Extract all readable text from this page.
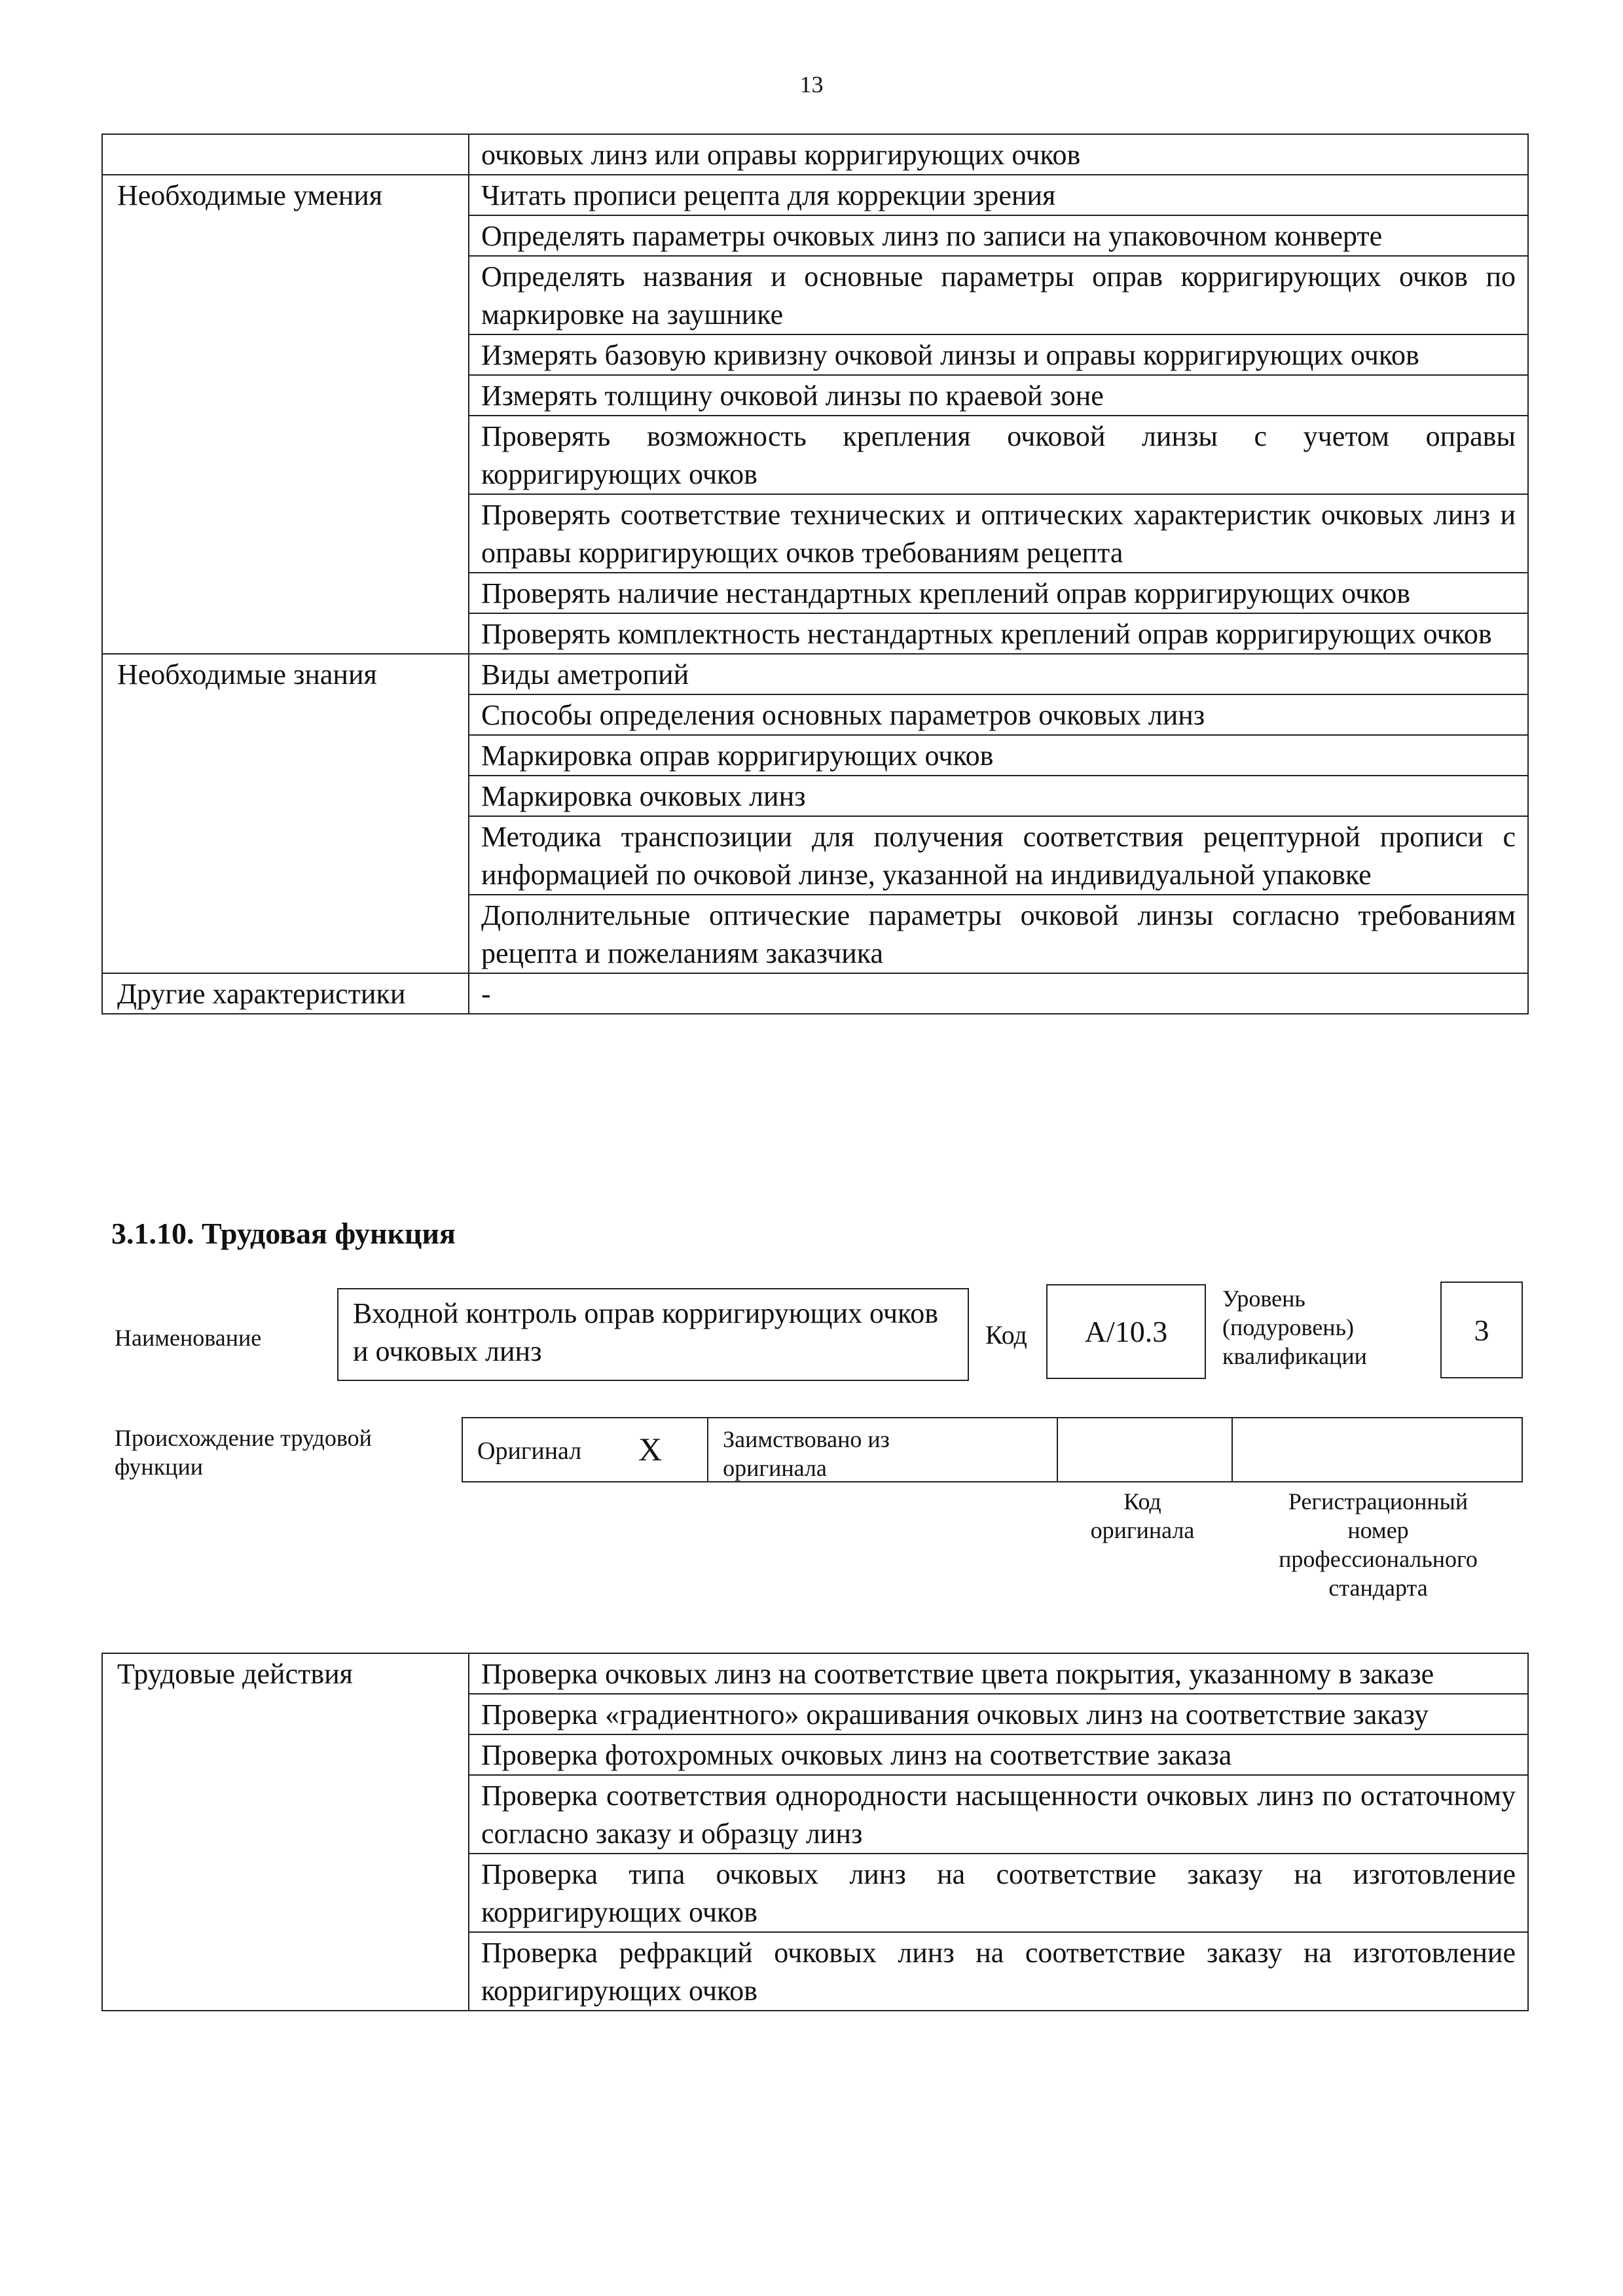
13
	очковых линз или оправы корригирующих очков
Необходимые умения	Читать прописи рецепта для коррекции зрения
	Определять параметры очковых линз по записи на упаковочном конверте
	Определять названия и основные параметры оправ корригирующих очков по маркировке на заушнике
	Измерять базовую кривизну очковой линзы и оправы корригирующих очков
	Измерять толщину очковой линзы по краевой зоне
	Проверять возможность крепления очковой линзы с учетом оправы корригирующих очков
	Проверять соответствие технических и оптических характеристик очковых линз и оправы корригирующих очков требованиям рецепта
	Проверять наличие нестандартных креплений оправ корригирующих очков
	Проверять комплектность нестандартных креплений оправ корригирующих очков
Необходимые знания	Виды аметропий
	Способы определения основных параметров очковых линз
	Маркировка оправ корригирующих очков
	Маркировка очковых линз
	Методика транспозиции для получения соответствия рецептурной прописи с информацией по очковой линзе, указанной на индивидуальной упаковке
	Дополнительные оптические параметры очковой линзы согласно требованиям рецепта и пожеланиям заказчика
Другие характеристики	-
3.1.10. Трудовая функция
Наименование
Входной контроль оправ корригирующих очков и очковых линз
Код A/10.3
Уровень
(подуровень)
квалификации
3
Происхождение трудовой
функции
Оригинал X	Заимствовано из
оригинала
Код
оригинала
Регистрационный
номер
профессионального
стандарта
Трудовые действия	Проверка очковых линз на соответствие цвета покрытия, указанному в заказе
Проверка «градиентного» окрашивания очковых линз на соответствие заказу
Проверка фотохромных очковых линз на соответствие заказа
Проверка соответствия однородности насыщенности очковых линз по остаточному согласно заказу и образцу линз
Проверка типа очковых линз на соответствие заказу на изготовление корригирующих очков
Проверка рефракций очковых линз на соответствие заказу на изготовление корригирующих очков
